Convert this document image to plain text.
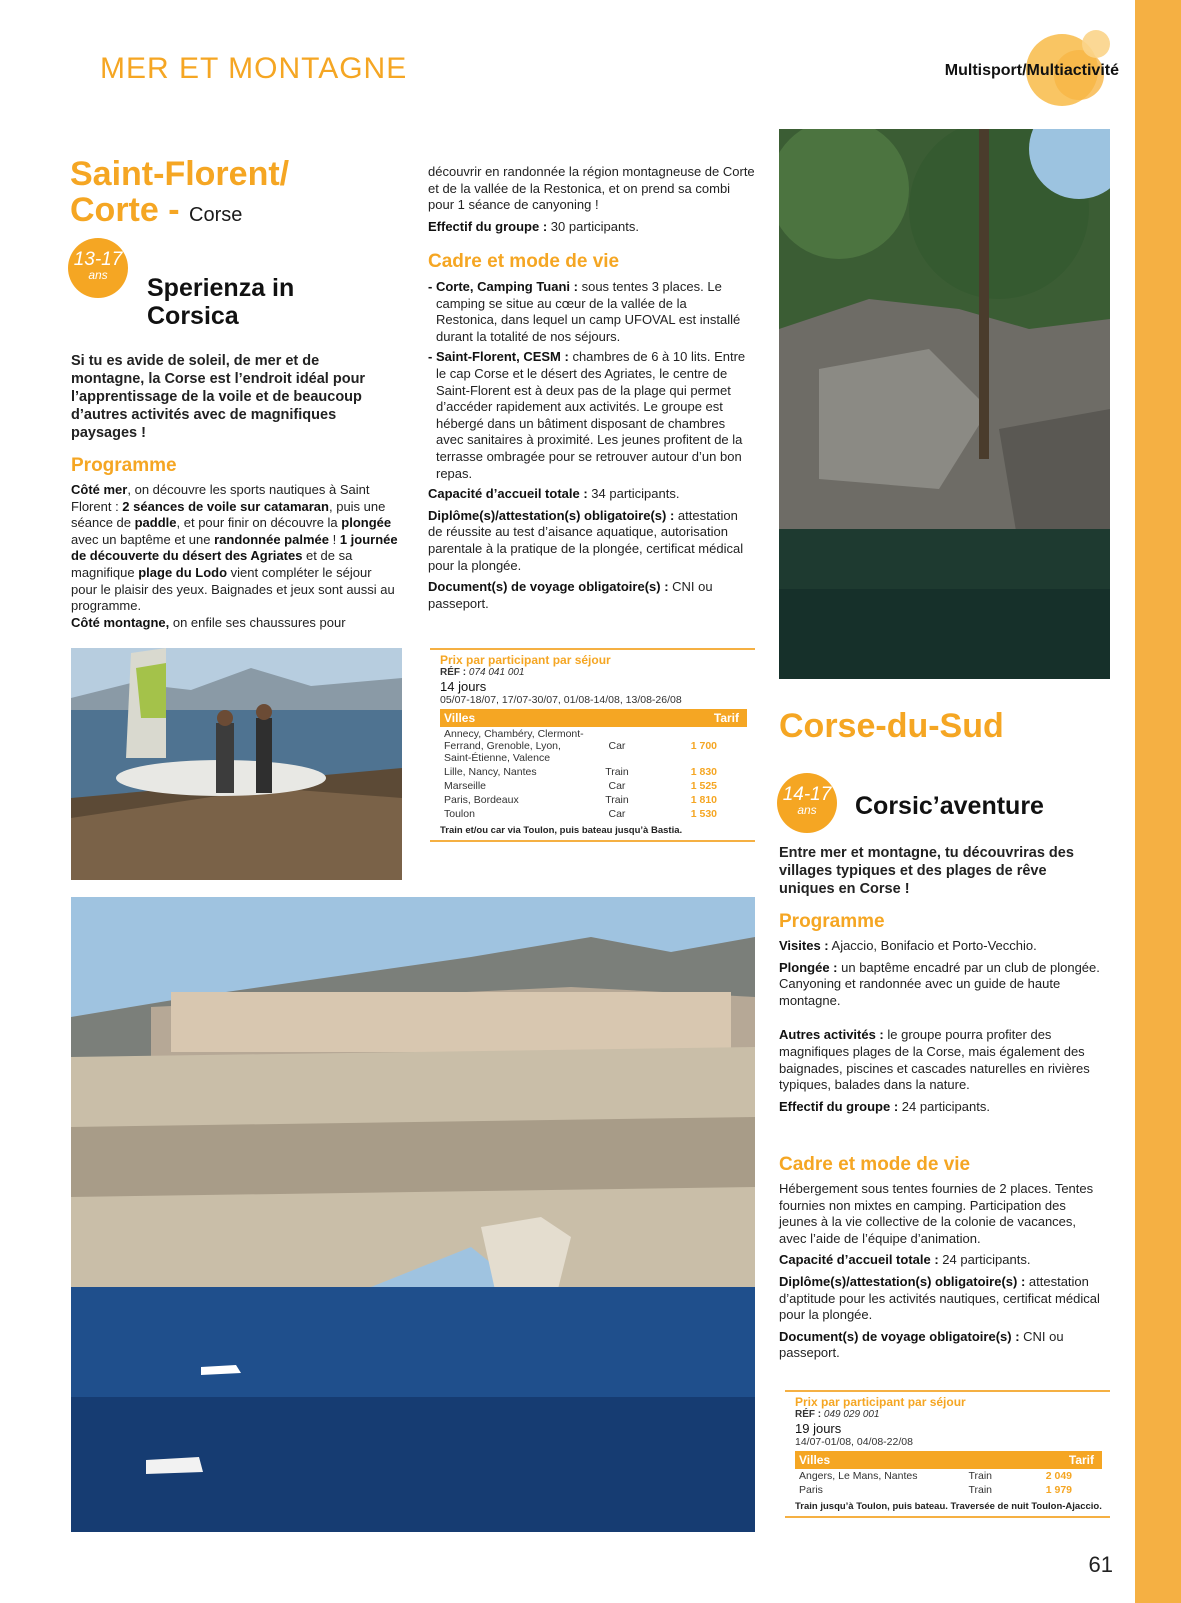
MER ET MONTAGNE	Multisport/Multiactivité
Saint-Florent/
Corte - Corse
13-17
ans	Sperienza in
Corsica
Si tu es avide de soleil, de mer et de montagne, la Corse est l’endroit idéal pour l’apprentissage de la voile et de beaucoup d’autres activités avec de magnifiques paysages !
Programme
Côté mer, on découvre les sports nautiques à Saint Florent : 2 séances de voile sur catamaran, puis une séance de paddle, et pour finir on découvre la plongée avec un baptême et une randonnée palmée ! 1 journée de découverte du désert des Agriates et de sa magnifique plage du Lodo vient compléter le séjour pour le plaisir des yeux. Baignades et jeux sont aussi au programme.
Côté montagne, on enfile ses chaussures pour

découvrir en randonnée la région montagneuse de Corte et de la vallée de la Restonica, et on prend sa combi pour 1 séance de canyoning !

Effectif du groupe : 30 participants.

Cadre et mode de vie
- Corte, Camping Tuani : sous tentes 3 places. Le camping se situe au cœur de la vallée de la Restonica, dans lequel un camp UFOVAL est installé durant la totalité de nos séjours.
- Saint-Florent, CESM : chambres de 6 à 10 lits. Entre le cap Corse et le désert des Agriates, le centre de Saint-Florent est à deux pas de la plage qui permet d’accéder rapidement aux activités. Le groupe est hébergé dans un bâtiment disposant de chambres avec sanitaires à proximité. Les jeunes profitent de la terrasse ombragée pour se retrouver autour d’un bon repas.

Capacité d’accueil totale : 34 participants.

Diplôme(s)/attestation(s) obligatoire(s) : attestation de réussite au test d’aisance aquatique, autorisation parentale à la pratique de la plongée, certificat médical pour la plongée.

Document(s) de voyage obligatoire(s) : CNI ou passeport.

Prix par participant par séjour
RÉF : 074 041 001
14 jours
05/07-18/07, 17/07-30/07, 01/08-14/08, 13/08-26/08
Villes		Tarif
Annecy, Chambéry, Clermont-Ferrand, Grenoble, Lyon, Saint-Étienne, Valence	Car	1 700
Lille, Nancy, Nantes	Train	1 830
Marseille	Car	1 525
Paris, Bordeaux	Train	1 810
Toulon	Car	1 530
Train et/ou car via Toulon, puis bateau jusqu’à Bastia.
Corse-du-Sud
14-17
ans	Corsic’aventure
Entre mer et montagne, tu découvriras des villages typiques et des plages de rêve uniques en Corse !
Programme

Visites : Ajaccio, Bonifacio et Porto-Vecchio.

Plongée : un baptême encadré par un club de plongée.

Canyoning et randonnée avec un guide de haute montagne.

Autres activités : le groupe pourra profiter des magnifiques plages de la Corse, mais également des baignades, piscines et cascades naturelles en rivières typiques, balades dans la nature.

Effectif du groupe : 24 participants.

Cadre et mode de vie

Hébergement sous tentes fournies de 2 places. Tentes fournies non mixtes en camping. Participation des jeunes à la vie collective de la colonie de vacances, avec l’aide de l’équipe d’animation.

Capacité d’accueil totale : 24 participants.

Diplôme(s)/attestation(s) obligatoire(s) : attestation d’aptitude pour les activités nautiques, certificat médical pour la plongée.

Document(s) de voyage obligatoire(s) : CNI ou passeport.

Prix par participant par séjour
RÉF : 049 029 001
19 jours
14/07-01/08, 04/08-22/08
Villes		Tarif
Angers, Le Mans, Nantes	Train	2 049
Paris	Train	1 979
Train jusqu’à Toulon, puis bateau. Traversée de nuit Toulon-Ajaccio.
61
